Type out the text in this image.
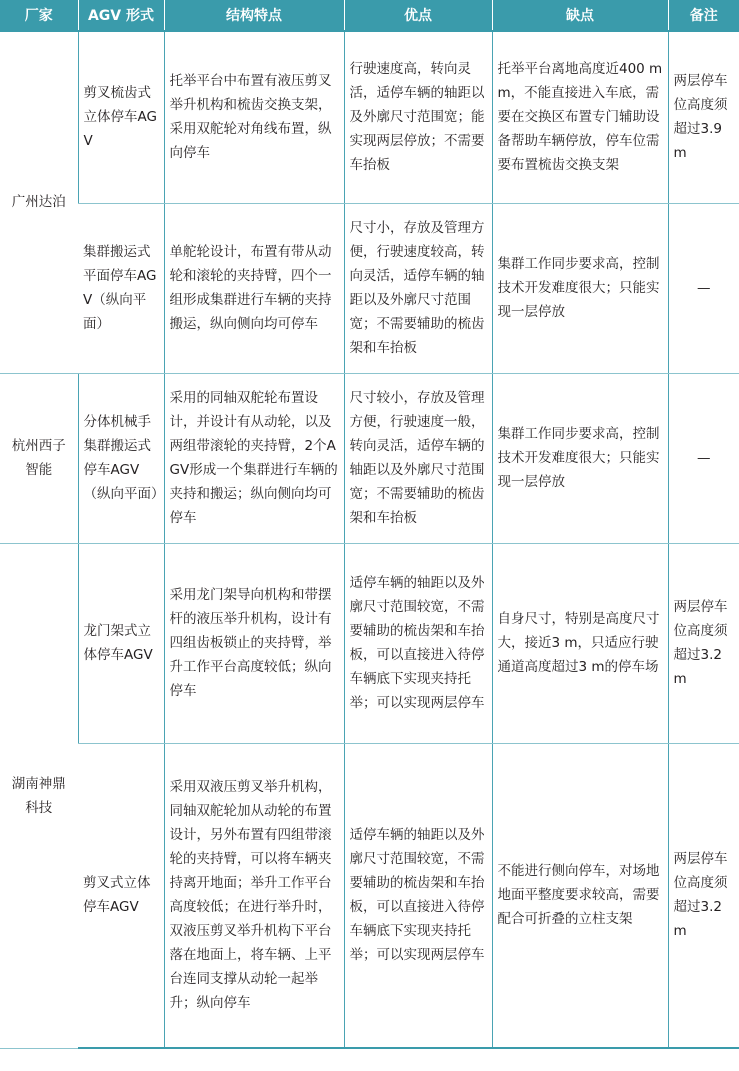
厂家	AGV 形式	结构特点	优点	缺点	备注
广州达泊	剪叉梳齿式立体停车AGV	托举平台中布置有液压剪叉举升机构和梳齿交换支架，采用双舵轮对角线布置，纵向停车	行驶速度高，转向灵活，适停车辆的轴距以及外廓尺寸范围宽；能实现两层停放；不需要车抬板	托举平台离地高度近400 mm，不能直接进入车底，需要在交换区布置专门辅助设备帮助车辆停放，停车位需要布置梳齿交换支架	两层停车位高度须超过3.9 m
	集群搬运式平面停车AGV（纵向平面）	单舵轮设计，布置有带从动轮和滚轮的夹持臂，四个一组形成集群进行车辆的夹持搬运，纵向侧向均可停车	尺寸小，存放及管理方便，行驶速度较高，转向灵活，适停车辆的轴距以及外廓尺寸范围宽；不需要辅助的梳齿架和车抬板	集群工作同步要求高，控制技术开发难度很大；只能实现一层停放	—
杭州西子智能	分体机械手集群搬运式停车AGV（纵向平面）	采用的同轴双舵轮布置设计，并设计有从动轮，以及两组带滚轮的夹持臂，2个AGV形成一个集群进行车辆的夹持和搬运；纵向侧向均可停车	尺寸较小，存放及管理方便，行驶速度一般，转向灵活，适停车辆的轴距以及外廓尺寸范围宽；不需要辅助的梳齿架和车抬板	集群工作同步要求高，控制技术开发难度很大；只能实现一层停放	—
湖南神鼎科技	龙门架式立体停车AGV	采用龙门架导向机构和带摆杆的液压举升机构，设计有四组齿板锁止的夹持臂，举升工作平台高度较低；纵向停车	适停车辆的轴距以及外廓尺寸范围较宽，不需要辅助的梳齿架和车抬板，可以直接进入待停车辆底下实现夹持托举；可以实现两层停车	自身尺寸，特别是高度尺寸大，接近3 m，只适应行驶通道高度超过3 m的停车场	两层停车位高度须超过3.2 m
	剪叉式立体停车AGV	采用双液压剪叉举升机构，同轴双舵轮加从动轮的布置设计，另外布置有四组带滚轮的夹持臂，可以将车辆夹持离开地面；举升工作平台高度较低；在进行举升时，双液压剪叉举升机构下平台落在地面上，将车辆、上平台连同支撑从动轮一起举升；纵向停车	适停车辆的轴距以及外廓尺寸范围较宽，不需要辅助的梳齿架和车抬板，可以直接进入待停车辆底下实现夹持托举；可以实现两层停车	不能进行侧向停车，对场地地面平整度要求较高，需要配合可折叠的立柱支架	两层停车位高度须超过3.2 m
